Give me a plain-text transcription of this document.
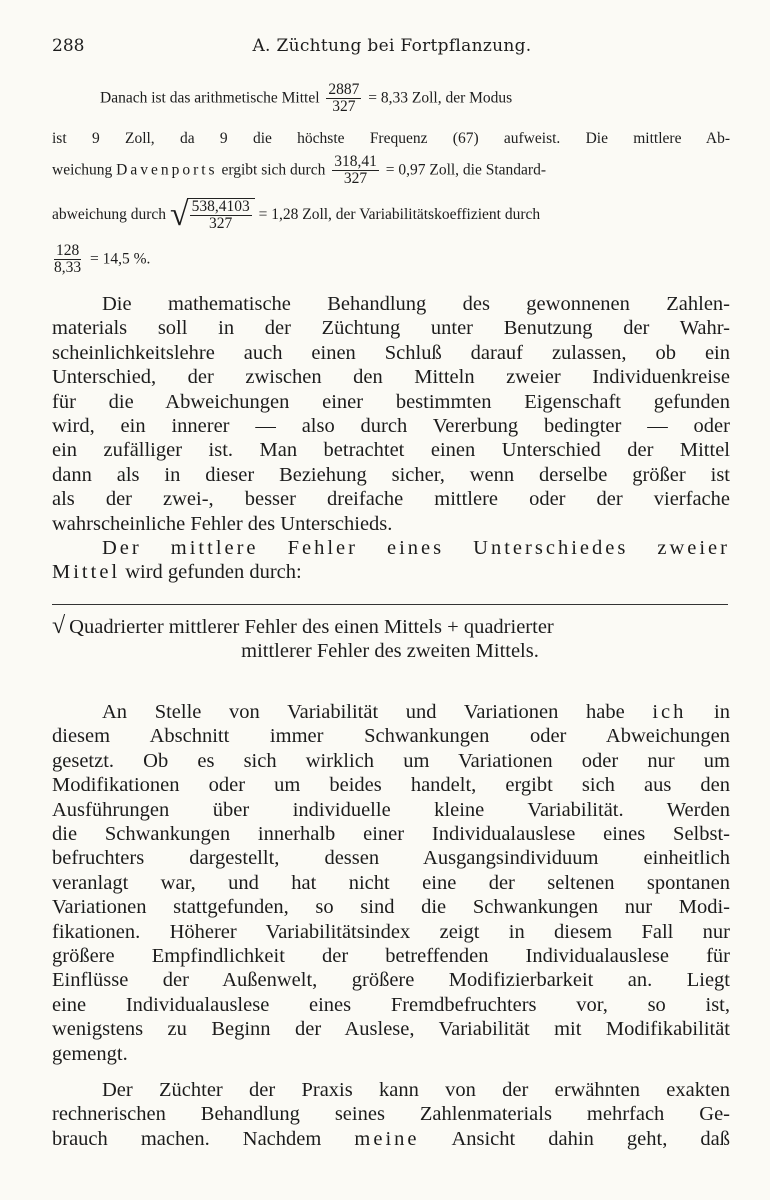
288	A. Züchtung bei Fortpflanzung.
Danach ist das arithmetische Mittel $\frac{2887}{327} = 8,33$ Zoll, der Modus
ist 9 Zoll, da 9 die höchste Frequenz (67) aufweist. Die mittlere Ab-
weichung Davenports ergibt sich durch $\frac{318,41}{327} = 0,97$ Zoll, die Standard-
abweichung durch √ $\frac{538,4103}{327} = 1,28$ Zoll, der Variabilitätskoeffizient durch
$\frac{128}{8,33} = 14,5$ %.

Die mathematische Behandlung des gewonnenen Zahlen-

materials soll in der Züchtung unter Benutzung der Wahr-

scheinlichkeitslehre auch einen Schluß darauf zulassen, ob ein

Unterschied, der zwischen den Mitteln zweier Individuenkreise

für die Abweichungen einer bestimmten Eigenschaft gefunden

wird, ein innerer — also durch Vererbung bedingter — oder

ein zufälliger ist. Man betrachtet einen Unterschied der Mittel

dann als in dieser Beziehung sicher, wenn derselbe größer ist

als der zwei-, besser dreifache mittlere oder der vierfache

wahrscheinliche Fehler des Unterschieds.

Der mittlere Fehler eines Unterschiedes zweier

Mittel wird gefunden durch:

√ Quadrierter mittlerer Fehler des einen Mittels + quadrierter
mittlerer Fehler des zweiten Mittels.

An Stelle von Variabilität und Variationen habe ich in

diesem Abschnitt immer Schwankungen oder Abweichungen

gesetzt. Ob es sich wirklich um Variationen oder nur um

Modifikationen oder um beides handelt, ergibt sich aus den

Ausführungen über individuelle kleine Variabilität. Werden

die Schwankungen innerhalb einer Individualauslese eines Selbst-

befruchters dargestellt, dessen Ausgangsindividuum einheitlich

veranlagt war, und hat nicht eine der seltenen spontanen

Variationen stattgefunden, so sind die Schwankungen nur Modi-

fikationen. Höherer Variabilitätsindex zeigt in diesem Fall nur

größere Empfindlichkeit der betreffenden Individualauslese für

Einflüsse der Außenwelt, größere Modifizierbarkeit an. Liegt

eine Individualauslese eines Fremdbefruchters vor, so ist,

wenigstens zu Beginn der Auslese, Variabilität mit Modifikabilität

gemengt.

Der Züchter der Praxis kann von der erwähnten exakten

rechnerischen Behandlung seines Zahlenmaterials mehrfach Ge-

brauch machen. Nachdem meine Ansicht dahin geht, daß
